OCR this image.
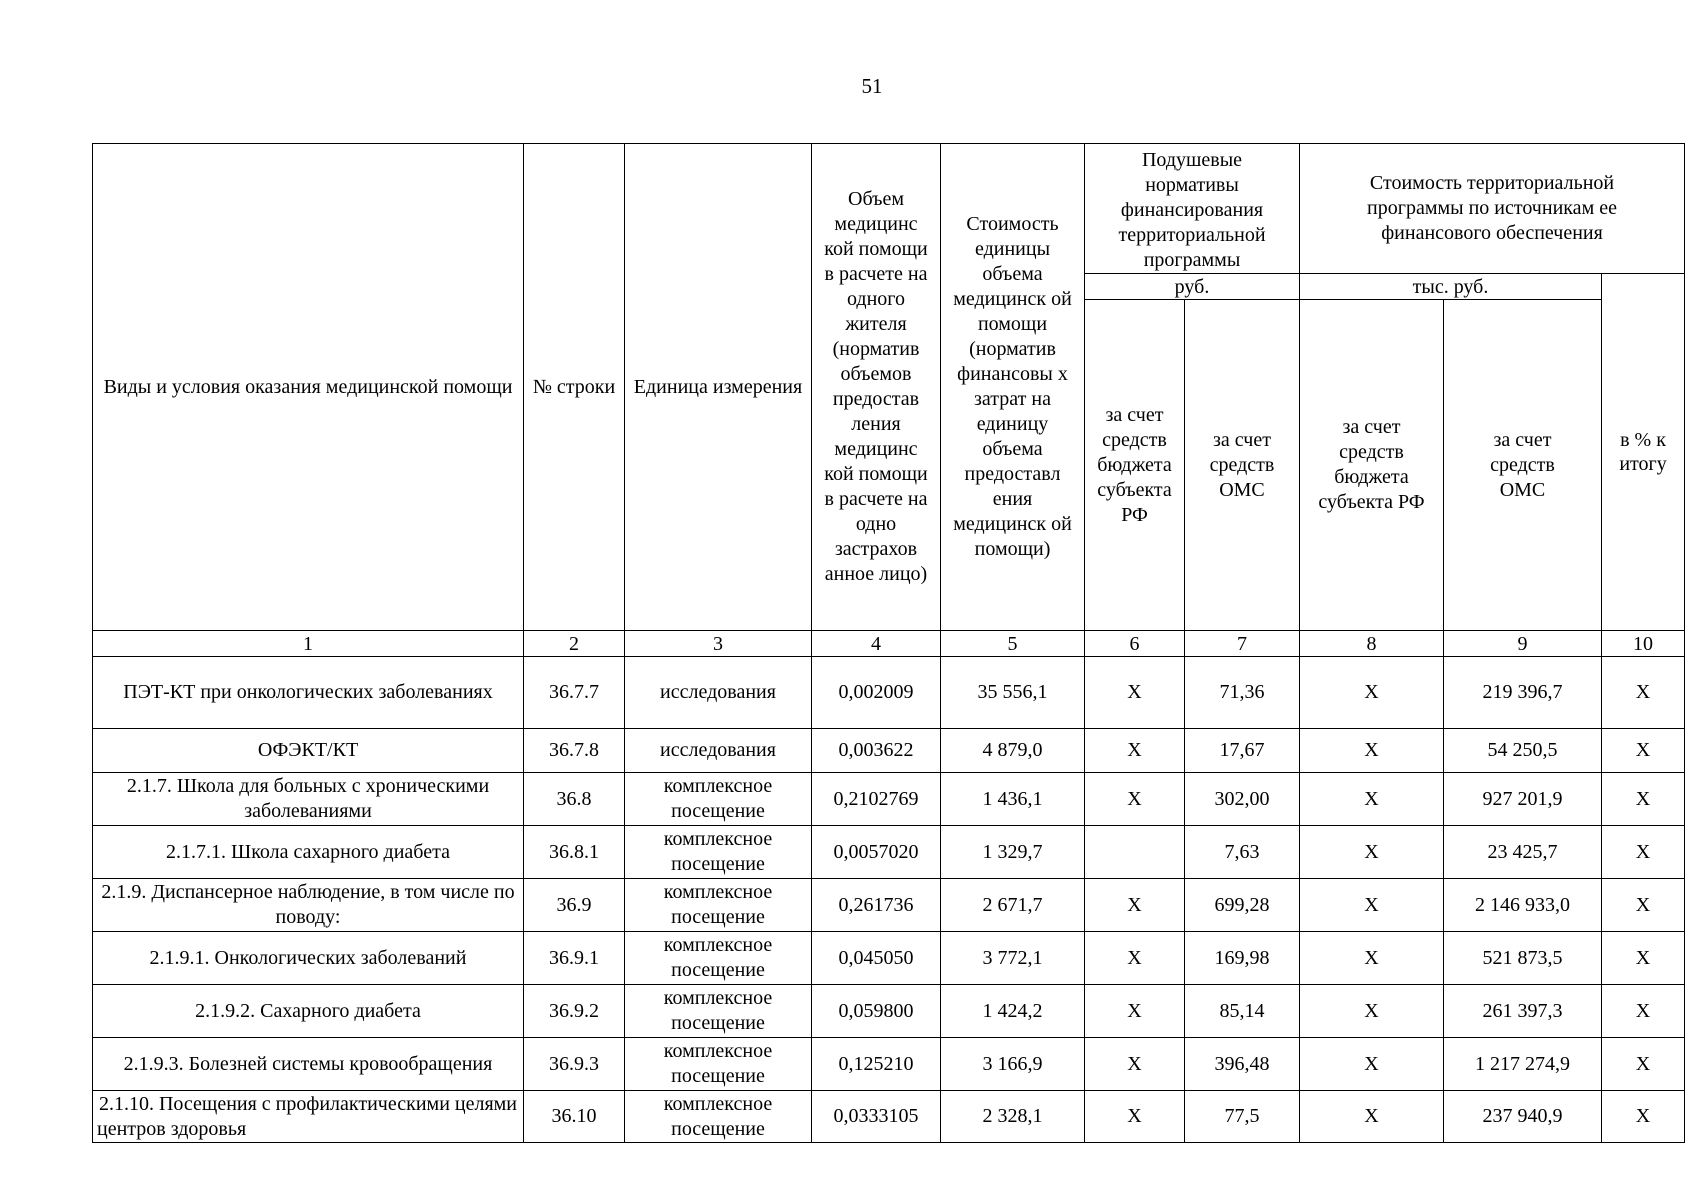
51
Виды и условия оказания медицинской помощи	№ строки	Единица измерения	Объем медицинс кой помощи в расчете на одного жителя (норматив объемов предостав ления медицинс кой помощи в расчете на одно застрахов анное лицо)	Стоимость единицы объема медицинск ой помощи (норматив финансовы х затрат на единицу объема предоставл ения медицинск ой помощи)	Подушевые нормативы финансирования территориальной программы		Стоимость территориальной программы по источникам ее финансового обеспечения		
					руб.		тыс. руб.		в % к итогу
					за счет средств бюджета субъекта РФ	за счет средств ОМС	за счет средств бюджета субъекта РФ	за счет средств ОМС	
1	2	3	4	5	6	7	8	9	10
ПЭТ-КТ при онкологических заболеваниях	36.7.7	исследования	0,002009	35 556,1	X	71,36	X	219 396,7	X
ОФЭКТ/КТ	36.7.8	исследования	0,003622	4 879,0	X	17,67	X	54 250,5	X
2.1.7. Школа для больных с хроническими заболеваниями	36.8	комплексное посещение	0,2102769	1 436,1	X	302,00	X	927 201,9	X
2.1.7.1. Школа сахарного диабета	36.8.1	комплексное посещение	0,0057020	1 329,7		7,63	X	23 425,7	X
2.1.9. Диспансерное наблюдение, в том числе по поводу:	36.9	комплексное посещение	0,261736	2 671,7	X	699,28	X	2 146 933,0	X
2.1.9.1. Онкологических заболеваний	36.9.1	комплексное посещение	0,045050	3 772,1	X	169,98	X	521 873,5	X
2.1.9.2. Сахарного диабета	36.9.2	комплексное посещение	0,059800	1 424,2	X	85,14	X	261 397,3	X
2.1.9.3. Болезней системы кровообращения	36.9.3	комплексное посещение	0,125210	3 166,9	X	396,48	X	1 217 274,9	X
2.1.10. Посещения с профилактическими целями центров здоровья	36.10	комплексное посещение	0,0333105	2 328,1	X	77,5	X	237 940,9	X
